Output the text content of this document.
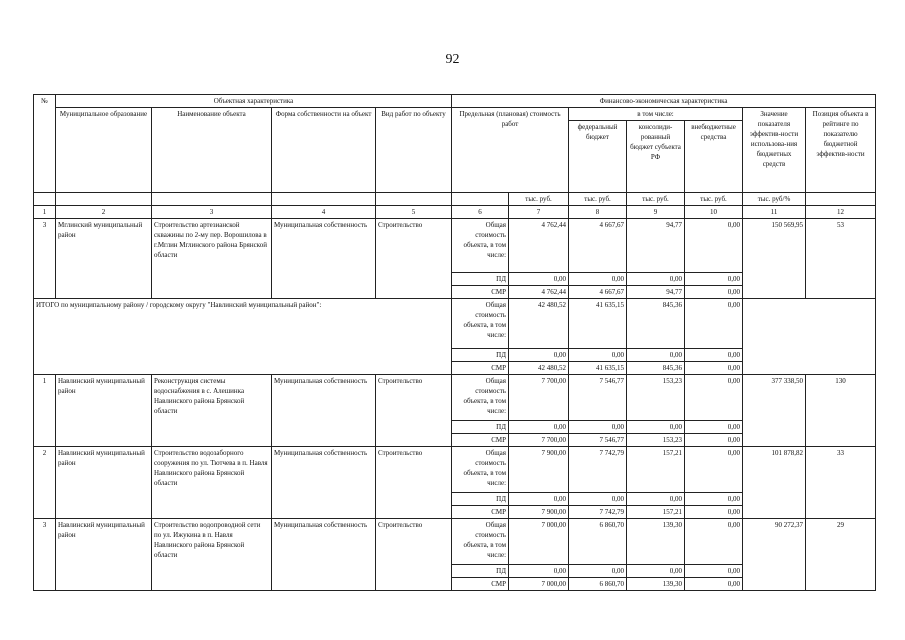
92
№	Объектная характеристика				Финансово-экономическая характеристика						
	Муниципальное образование	Наименование объекта	Форма собственности на объект	Вид работ по объекту	Предельная (плановая) стоимость работ		в том числе:			Значение показателя эффектив-ности использова-ния бюджетных средств	Позиция объекта в рейтинге по показателю бюджетной эффектив-ности
							федеральный бюджет	консолиди-рованный бюджет субъекта РФ	внебюджетные средства		
						тыс. руб.	тыс. руб.	тыс. руб.	тыс. руб.	тыс. руб/%	
1	2	3	4	5	6	7	8	9	10	11	12
3	Мглинский муниципальный район	Строительство артезианской скважины по 2-му пер. Ворошилова в г.Мглин Мглинского района Брянской области	Муниципальная собственность	Строительство	Общая стоимость объекта, в том числе:	4 762,44	4 667,67	94,77	0,00	150 569,95	53
					ПД	0,00	0,00	0,00	0,00		
					СМР	4 762,44	4 667,67	94,77	0,00		
ИТОГО по муниципальному району / городскому округу "Навлинский муниципальный район":					Общая стоимость объекта, в том числе:	42 480,52	41 635,15	845,36	0,00		
					ПД	0,00	0,00	0,00	0,00		
					СМР	42 480,52	41 635,15	845,36	0,00		
1	Навлинский муниципальный район	Реконструкция системы водоснабжения в с. Алешинка Навлинского района Брянской области	Муниципальная собственность	Строительство	Общая стоимость объекта, в том числе:	7 700,00	7 546,77	153,23	0,00	377 338,50	130
					ПД	0,00	0,00	0,00	0,00		
					СМР	7 700,00	7 546,77	153,23	0,00		
2	Навлинский муниципальный район	Строительство водозаборного сооружения по ул. Тютчева в п. Навля Навлинского района Брянской области	Муниципальная собственность	Строительство	Общая стоимость объекта, в том числе:	7 900,00	7 742,79	157,21	0,00	101 878,82	33
					ПД	0,00	0,00	0,00	0,00		
					СМР	7 900,00	7 742,79	157,21	0,00		
3	Навлинский муниципальный район	Строительство водопроводной сети по ул. Ижукина в п. Навля Навлинского района Брянской области	Муниципальная собственность	Строительство	Общая стоимость объекта, в том числе:	7 000,00	6 860,70	139,30	0,00	90 272,37	29
					ПД	0,00	0,00	0,00	0,00		
					СМР	7 000,00	6 860,70	139,30	0,00		
